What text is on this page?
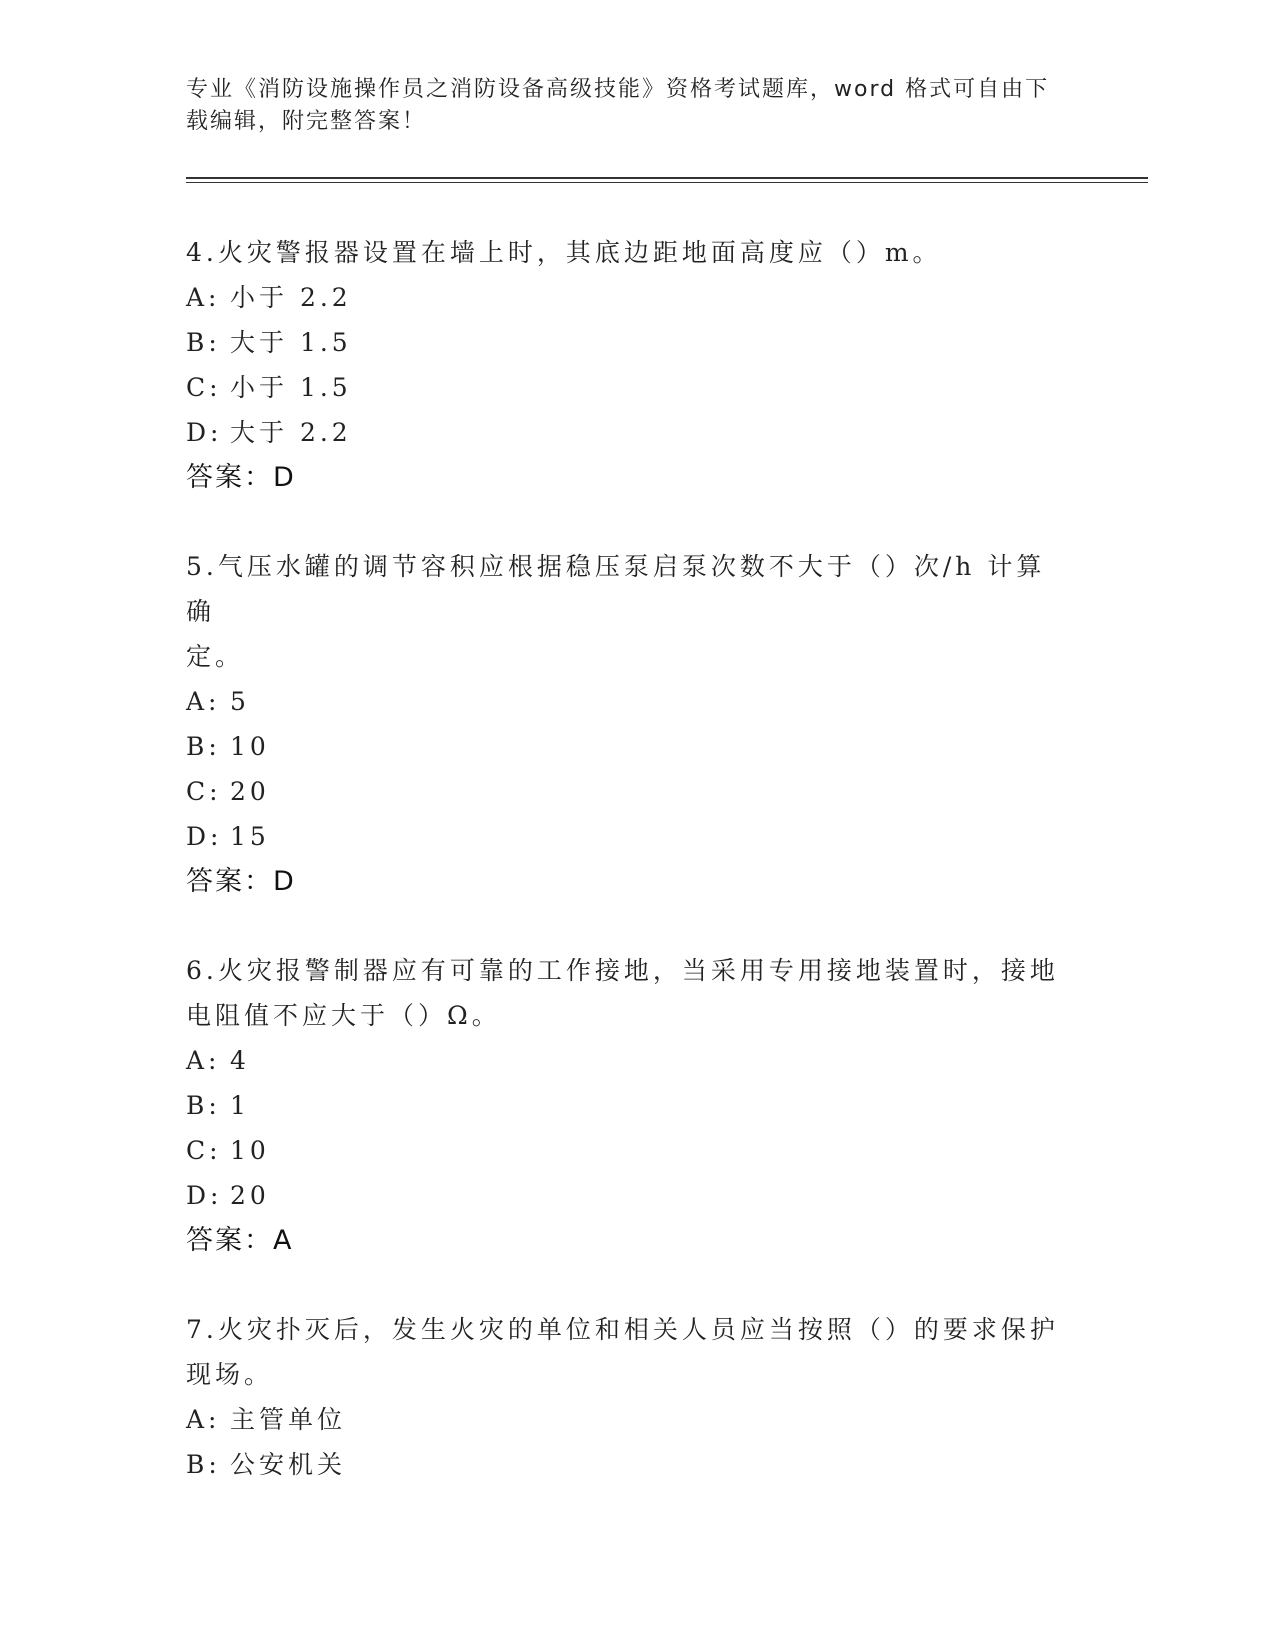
专业《消防设施操作员之消防设备高级技能》资格考试题库，word 格式可自由下
载编辑，附完整答案！
4.火灾警报器设置在墙上时，其底边距地面高度应（）m。
A: 小于 2.2
B: 大于 1.5
C: 小于 1.5
D: 大于 2.2
答案：D
5.气压水罐的调节容积应根据稳压泵启泵次数不大于（）次/h 计算确
定。
A: 5
B: 10
C: 20
D: 15
答案：D
6.火灾报警制器应有可靠的工作接地，当采用专用接地装置时，接地
电阻值不应大于（）Ω。
A: 4
B: 1
C: 10
D: 20
答案：A
7.火灾扑灭后，发生火灾的单位和相关人员应当按照（）的要求保护
现场。
A: 主管单位
B: 公安机关
